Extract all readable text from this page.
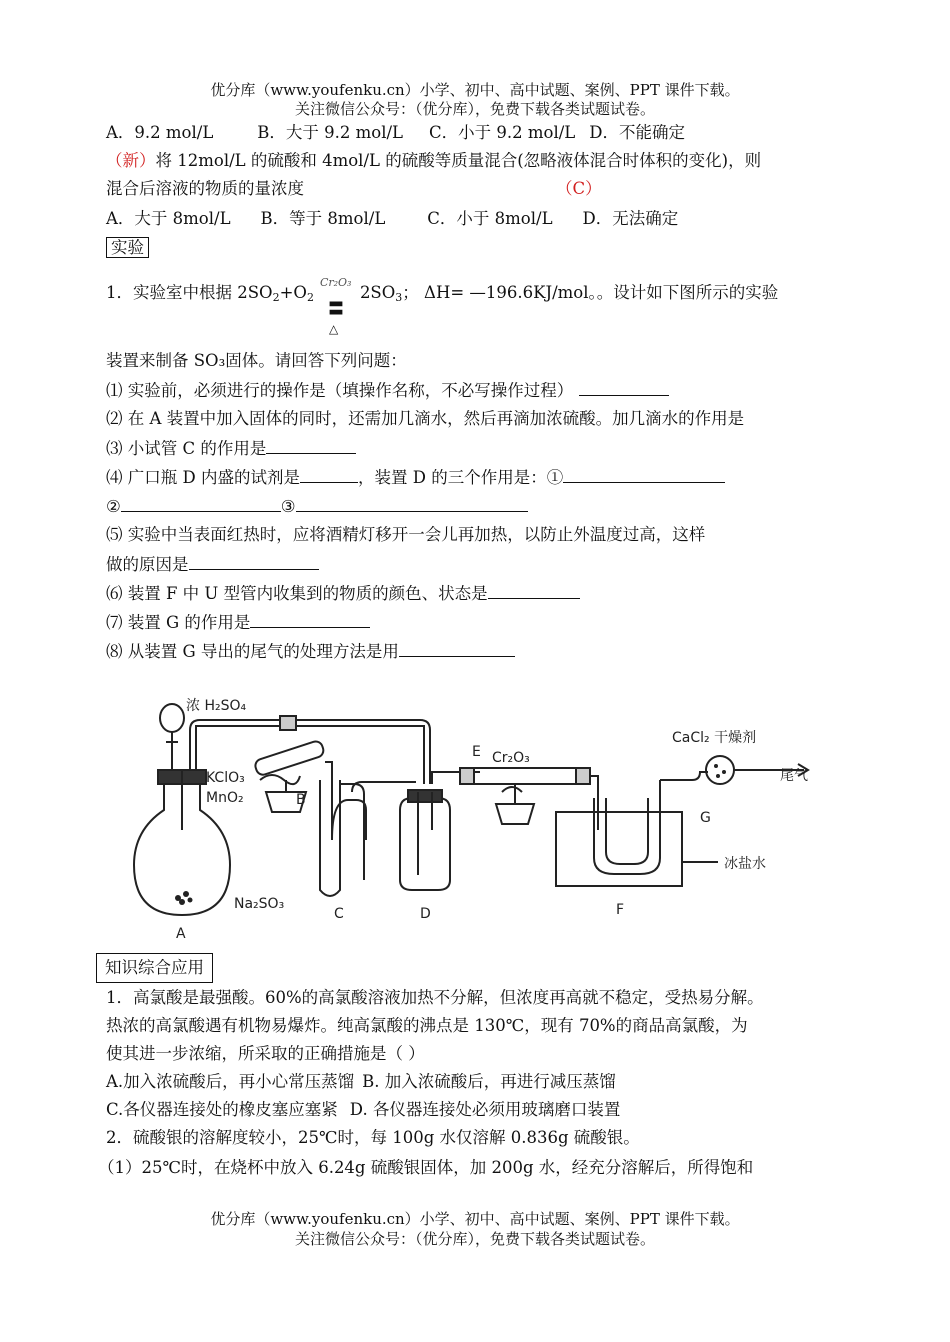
优分库（www.youfenku.cn）小学、初中、高中试题、案例、PPT 课件下载。
关注微信公众号：（优分库），免费下载各类试题试卷。
A．9.2 mol/L	B．大于 9.2 mol/L C．小于 9.2 mol/L D．不能确定
（新）将 12mol/L 的硫酸和 4mol/L 的硫酸等质量混合(忽略液体混合时体积的变化)，则
混合后溶液的物质的量浓度	（C）
A．大于 8mol/L B．等于 8mol/L	C．小于 8mol/L D．无法确定
实验
1．实验室中根据 $2SO_2+O_2$
Cr₂O₃
〓
△
$2SO_3$； ΔH= —196.6KJ/mol。。设计如下图所示的实验
装置来制备 SO₃固体。请回答下列问题：
⑴ 实验前，必须进行的操作是（填操作名称，不必写操作过程）
⑵ 在 A 装置中加入固体的同时，还需加几滴水，然后再滴加浓硫酸。加几滴水的作用是
⑶ 小试管 C 的作用是
⑷ 广口瓶 D 内盛的试剂是	，装置 D 的三个作用是：①
②	③
⑸ 实验中当表面红热时，应将酒精灯移开一会儿再加热，以防止外温度过高，这样
做的原因是
⑹ 装置 F 中 U 型管内收集到的物质的颜色、状态是
⑺ 装置 G 的作用是
⑻ 从装置 G 导出的尾气的处理方法是用
浓 H₂SO₄
KClO₃
MnO₂	B
E Cr₂O₃
CaCl₂ 干燥剂
尾气
G
冰盐水
Na₂SO₃
A
C	D	F
知识综合应用
1．高氯酸是最强酸。60%的高氯酸溶液加热不分解，但浓度再高就不稳定，受热易分解。
热浓的高氯酸遇有机物易爆炸。纯高氯酸的沸点是 130℃，现有 70%的商品高氯酸，为
使其进一步浓缩，所采取的正确措施是（ ）
A.加入浓硫酸后，再小心常压蒸馏 B. 加入浓硫酸后，再进行减压蒸馏
C.各仪器连接处的橡皮塞应塞紧 D. 各仪器连接处必须用玻璃磨口装置
2．硫酸银的溶解度较小，25℃时，每 100g 水仅溶解 0.836g 硫酸银。
（1）25℃时，在烧杯中放入 6.24g 硫酸银固体，加 200g 水，经充分溶解后，所得饱和
优分库（www.youfenku.cn）小学、初中、高中试题、案例、PPT 课件下载。
关注微信公众号：（优分库），免费下载各类试题试卷。
